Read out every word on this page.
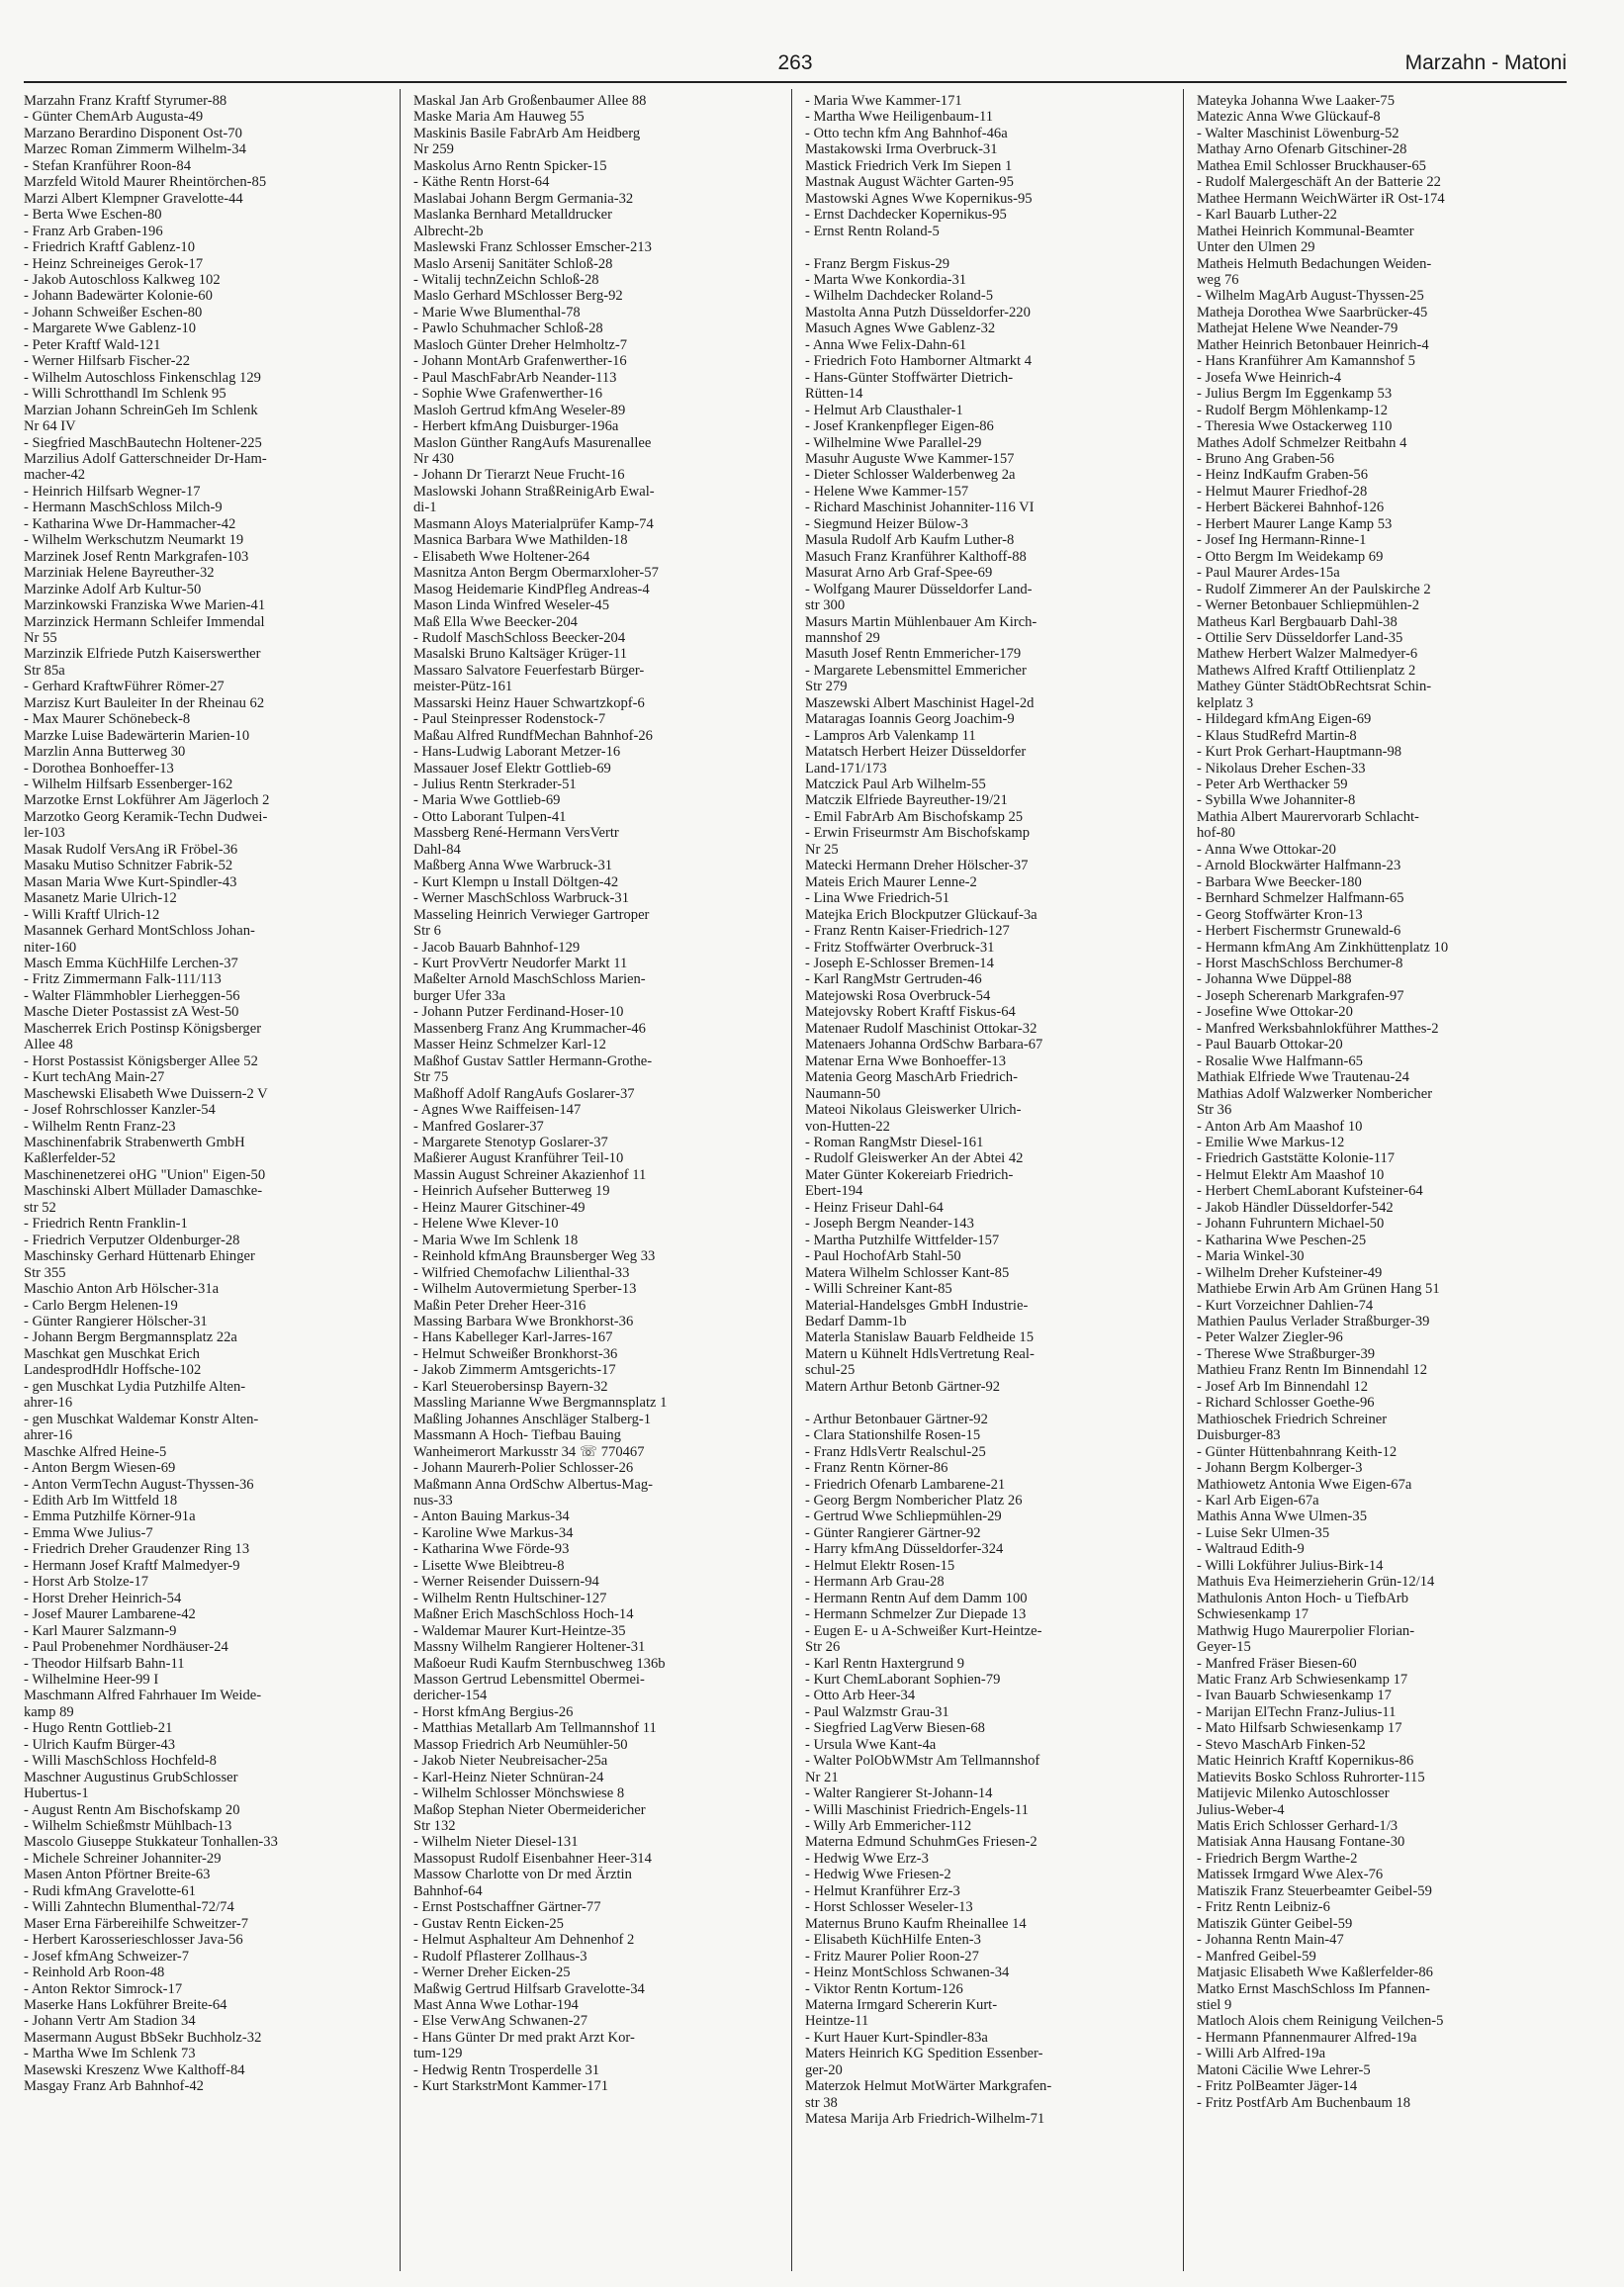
263	Marzahn - Matoni
Marzahn Franz Kraftf Styrumer-88
- Günter ChemArb Augusta-49
Marzano Berardino Disponent Ost-70
Marzec Roman Zimmerm Wilhelm-34
- Stefan Kranführer Roon-84
Marzfeld Witold Maurer Rheintörchen-85
Marzi Albert Klempner Gravelotte-44
- Berta Wwe Eschen-80
- Franz Arb Graben-196
- Friedrich Kraftf Gablenz-10
- Heinz Schreineiges Gerok-17
- Jakob Autoschloss Kalkweg 102
- Johann Badewärter Kolonie-60
- Johann Schweißer Eschen-80
- Margarete Wwe Gablenz-10
- Peter Kraftf Wald-121
- Werner Hilfsarb Fischer-22
- Wilhelm Autoschloss Finkenschlag 129
- Willi Schrotthandl Im Schlenk 95
Marzian Johann SchreinGeh Im Schlenk
Nr 64 IV
- Siegfried MaschBautechn Holtener-225
Marzilius Adolf Gatterschneider Dr-Ham-
macher-42
- Heinrich Hilfsarb Wegner-17
- Hermann MaschSchloss Milch-9
- Katharina Wwe Dr-Hammacher-42
- Wilhelm Werkschutzm Neumarkt 19
Marzinek Josef Rentn Markgrafen-103
Marziniak Helene Bayreuther-32
Marzinke Adolf Arb Kultur-50
Marzinkowski Franziska Wwe Marien-41
Marzinzick Hermann Schleifer Immendal
Nr 55
Marzinzik Elfriede Putzh Kaiserswerther
Str 85a
- Gerhard KraftwFührer Römer-27
Marzisz Kurt Bauleiter In der Rheinau 62
- Max Maurer Schönebeck-8
Marzke Luise Badewärterin Marien-10
Marzlin Anna Butterweg 30
- Dorothea Bonhoeffer-13
- Wilhelm Hilfsarb Essenberger-162
Marzotke Ernst Lokführer Am Jägerloch 2
Marzotko Georg Keramik-Techn Dudwei-
ler-103
Masak Rudolf VersAng iR Fröbel-36
Masaku Mutiso Schnitzer Fabrik-52
Masan Maria Wwe Kurt-Spindler-43
Masanetz Marie Ulrich-12
- Willi Kraftf Ulrich-12
Masannek Gerhard MontSchloss Johan-
niter-160
Masch Emma KüchHilfe Lerchen-37
- Fritz Zimmermann Falk-111/113
- Walter Flämmhobler Lierheggen-56
Masche Dieter Postassist zA West-50
Mascherrek Erich Postinsp Königsberger
Allee 48
- Horst Postassist Königsberger Allee 52
- Kurt techAng Main-27
Maschewski Elisabeth Wwe Duissern-2 V
- Josef Rohrschlosser Kanzler-54
- Wilhelm Rentn Franz-23
Maschinenfabrik Strabenwerth GmbH
Kaßlerfelder-52
Maschinenetzerei oHG "Union" Eigen-50
Maschinski Albert Müllader Damaschke-
str 52
- Friedrich Rentn Franklin-1
- Friedrich Verputzer Oldenburger-28
Maschinsky Gerhard Hüttenarb Ehinger
Str 355
Maschio Anton Arb Hölscher-31a
- Carlo Bergm Helenen-19
- Günter Rangierer Hölscher-31
- Johann Bergm Bergmannsplatz 22a
Maschkat gen Muschkat Erich
LandesprodHdlr Hoffsche-102
- gen Muschkat Lydia Putzhilfe Alten-
ahrer-16
- gen Muschkat Waldemar Konstr Alten-
ahrer-16
Maschke Alfred Heine-5
- Anton Bergm Wiesen-69
- Anton VermTechn August-Thyssen-36
- Edith Arb Im Wittfeld 18
- Emma Putzhilfe Körner-91a
- Emma Wwe Julius-7
- Friedrich Dreher Graudenzer Ring 13
- Hermann Josef Kraftf Malmedyer-9
- Horst Arb Stolze-17
- Horst Dreher Heinrich-54
- Josef Maurer Lambarene-42
- Karl Maurer Salzmann-9
- Paul Probenehmer Nordhäuser-24
- Theodor Hilfsarb Bahn-11
- Wilhelmine Heer-99 I
Maschmann Alfred Fahrhauer Im Weide-
kamp 89
- Hugo Rentn Gottlieb-21
- Ulrich Kaufm Bürger-43
- Willi MaschSchloss Hochfeld-8
Maschner Augustinus GrubSchlosser
Hubertus-1
- August Rentn Am Bischofskamp 20
- Wilhelm Schießmstr Mühlbach-13
Mascolo Giuseppe Stukkateur Tonhallen-33
- Michele Schreiner Johanniter-29
Masen Anton Pförtner Breite-63
- Rudi kfmAng Gravelotte-61
- Willi Zahntechn Blumenthal-72/74
Maser Erna Färbereihilfe Schweitzer-7
- Herbert Karosserieschlosser Java-56
- Josef kfmAng Schweizer-7
- Reinhold Arb Roon-48
- Anton Rektor Simrock-17
Maserke Hans Lokführer Breite-64
- Johann Vertr Am Stadion 34
Masermann August BbSekr Buchholz-32
- Martha Wwe Im Schlenk 73
Masewski Kreszenz Wwe Kalthoff-84
Masgay Franz Arb Bahnhof-42
Maskal Jan Arb Großenbaumer Allee 88
Maske Maria Am Hauweg 55
Maskinis Basile FabrArb Am Heidberg
Nr 259
Maskolus Arno Rentn Spicker-15
- Käthe Rentn Horst-64
Maslabai Johann Bergm Germania-32
Maslanka Bernhard Metalldrucker
Albrecht-2b
Maslewski Franz Schlosser Emscher-213
Maslo Arsenij Sanitäter Schloß-28
- Witalij technZeichn Schloß-28
Maslo Gerhard MSchlosser Berg-92
- Marie Wwe Blumenthal-78
- Pawlo Schuhmacher Schloß-28
Masloch Günter Dreher Helmholtz-7
- Johann MontArb Grafenwerther-16
- Paul MaschFabrArb Neander-113
- Sophie Wwe Grafenwerther-16
Masloh Gertrud kfmAng Weseler-89
- Herbert kfmAng Duisburger-196a
Maslon Günther RangAufs Masurenallee
Nr 430
- Johann Dr Tierarzt Neue Frucht-16
Maslowski Johann StraßReinigArb Ewal-
di-1
Masmann Aloys Materialprüfer Kamp-74
Masnica Barbara Wwe Mathilden-18
- Elisabeth Wwe Holtener-264
Masnitza Anton Bergm Obermarxloher-57
Masog Heidemarie KindPfleg Andreas-4
Mason Linda Winfred Weseler-45
Maß Ella Wwe Beecker-204
- Rudolf MaschSchloss Beecker-204
Masalski Bruno Kaltsäger Krüger-11
Massaro Salvatore Feuerfestarb Bürger-
meister-Pütz-161
Massarski Heinz Hauer Schwartzkopf-6
- Paul Steinpresser Rodenstock-7
Maßau Alfred RundfMechan Bahnhof-26
- Hans-Ludwig Laborant Metzer-16
Massauer Josef Elektr Gottlieb-69
- Julius Rentn Sterkrader-51
- Maria Wwe Gottlieb-69
- Otto Laborant Tulpen-41
Massberg René-Hermann VersVertr
Dahl-84
Maßberg Anna Wwe Warbruck-31
- Kurt Klempn u Install Döltgen-42
- Werner MaschSchloss Warbruck-31
Masseling Heinrich Verwieger Gartroper
Str 6
- Jacob Bauarb Bahnhof-129
- Kurt ProvVertr Neudorfer Markt 11
Maßelter Arnold MaschSchloss Marien-
burger Ufer 33a
- Johann Putzer Ferdinand-Hoser-10
Massenberg Franz Ang Krummacher-46
Masser Heinz Schmelzer Karl-12
Maßhof Gustav Sattler Hermann-Grothe-
Str 75
Maßhoff Adolf RangAufs Goslarer-37
- Agnes Wwe Raiffeisen-147
- Manfred Goslarer-37
- Margarete Stenotyp Goslarer-37
Maßierer August Kranführer Teil-10
Massin August Schreiner Akazienhof 11
- Heinrich Aufseher Butterweg 19
- Heinz Maurer Gitschiner-49
- Helene Wwe Klever-10
- Maria Wwe Im Schlenk 18
- Reinhold kfmAng Braunsberger Weg 33
- Wilfried Chemofachw Lilienthal-33
- Wilhelm Autovermietung Sperber-13
Maßin Peter Dreher Heer-316
Massing Barbara Wwe Bronkhorst-36
- Hans Kabelleger Karl-Jarres-167
- Helmut Schweißer Bronkhorst-36
- Jakob Zimmerm Amtsgerichts-17
- Karl Steuerobersinsp Bayern-32
Massling Marianne Wwe Bergmannsplatz 1
Maßling Johannes Anschläger Stalberg-1
Massmann A Hoch- Tiefbau Bauing
Wanheimerort Markusstr 34 ☏ 770467
- Johann Maurerh-Polier Schlosser-26
Maßmann Anna OrdSchw Albertus-Mag-
nus-33
- Anton Bauing Markus-34
- Karoline Wwe Markus-34
- Katharina Wwe Förde-93
- Lisette Wwe Bleibtreu-8
- Werner Reisender Duissern-94
- Wilhelm Rentn Hultschiner-127
Maßner Erich MaschSchloss Hoch-14
- Waldemar Maurer Kurt-Heintze-35
Massny Wilhelm Rangierer Holtener-31
Maßoeur Rudi Kaufm Sternbuschweg 136b
Masson Gertrud Lebensmittel Obermei-
dericher-154
- Horst kfmAng Bergius-26
- Matthias Metallarb Am Tellmannshof 11
Massop Friedrich Arb Neumühler-50
- Jakob Nieter Neubreisacher-25a
- Karl-Heinz Nieter Schnüran-24
- Wilhelm Schlosser Mönchswiese 8
Maßop Stephan Nieter Obermeidericher
Str 132
- Wilhelm Nieter Diesel-131
Massopust Rudolf Eisenbahner Heer-314
Massow Charlotte von Dr med Ärztin
Bahnhof-64
- Ernst Postschaffner Gärtner-77
- Gustav Rentn Eicken-25
- Helmut Asphalteur Am Dehnenhof 2
- Rudolf Pflasterer Zollhaus-3
- Werner Dreher Eicken-25
Maßwig Gertrud Hilfsarb Gravelotte-34
Mast Anna Wwe Lothar-194
- Else VerwAng Schwanen-27
- Hans Günter Dr med prakt Arzt Kor-
tum-129
- Hedwig Rentn Trosperdelle 31
- Kurt StarkstrMont Kammer-171
- Maria Wwe Kammer-171
- Martha Wwe Heiligenbaum-11
- Otto techn kfm Ang Bahnhof-46a
Mastakowski Irma Overbruck-31
Mastick Friedrich Verk Im Siepen 1
Mastnak August Wächter Garten-95
Mastowski Agnes Wwe Kopernikus-95
- Ernst Dachdecker Kopernikus-95
- Ernst Rentn Roland-5

- Franz Bergm Fiskus-29
- Marta Wwe Konkordia-31
- Wilhelm Dachdecker Roland-5
Mastolta Anna Putzh Düsseldorfer-220
Masuch Agnes Wwe Gablenz-32
- Anna Wwe Felix-Dahn-61
- Friedrich Foto Hamborner Altmarkt 4
- Hans-Günter Stoffwärter Dietrich-
Rütten-14
- Helmut Arb Clausthaler-1
- Josef Krankenpfleger Eigen-86
- Wilhelmine Wwe Parallel-29
Masuhr Auguste Wwe Kammer-157
- Dieter Schlosser Walderbenweg 2a
- Helene Wwe Kammer-157
- Richard Maschinist Johanniter-116 VI
- Siegmund Heizer Bülow-3
Masula Rudolf Arb Kaufm Luther-8
Masuch Franz Kranführer Kalthoff-88
Masurat Arno Arb Graf-Spee-69
- Wolfgang Maurer Düsseldorfer Land-
str 300
Masurs Martin Mühlenbauer Am Kirch-
mannshof 29
Masuth Josef Rentn Emmericher-179
- Margarete Lebensmittel Emmericher
Str 279
Maszewski Albert Maschinist Hagel-2d
Mataragas Ioannis Georg Joachim-9
- Lampros Arb Valenkamp 11
Matatsch Herbert Heizer Düsseldorfer
Land-171/173
Matczick Paul Arb Wilhelm-55
Matczik Elfriede Bayreuther-19/21
- Emil FabrArb Am Bischofskamp 25
- Erwin Friseurmstr Am Bischofskamp
Nr 25
Matecki Hermann Dreher Hölscher-37
Mateis Erich Maurer Lenne-2
- Lina Wwe Friedrich-51
Matejka Erich Blockputzer Glückauf-3a
- Franz Rentn Kaiser-Friedrich-127
- Fritz Stoffwärter Overbruck-31
- Joseph E-Schlosser Bremen-14
- Karl RangMstr Gertruden-46
Matejowski Rosa Overbruck-54
Matejovsky Robert Kraftf Fiskus-64
Matenaer Rudolf Maschinist Ottokar-32
Matenaers Johanna OrdSchw Barbara-67
Matenar Erna Wwe Bonhoeffer-13
Matenia Georg MaschArb Friedrich-
Naumann-50
Mateoi Nikolaus Gleiswerker Ulrich-
von-Hutten-22
- Roman RangMstr Diesel-161
- Rudolf Gleiswerker An der Abtei 42
Mater Günter Kokereiarb Friedrich-
Ebert-194
- Heinz Friseur Dahl-64
- Joseph Bergm Neander-143
- Martha Putzhilfe Wittfelder-157
- Paul HochofArb Stahl-50
Matera Wilhelm Schlosser Kant-85
- Willi Schreiner Kant-85
Material-Handelsges GmbH Industrie-
Bedarf Damm-1b
Materla Stanislaw Bauarb Feldheide 15
Matern u Kühnelt HdlsVertretung Real-
schul-25
Matern Arthur Betonb Gärtner-92

- Arthur Betonbauer Gärtner-92
- Clara Stationshilfe Rosen-15
- Franz HdlsVertr Realschul-25
- Franz Rentn Körner-86
- Friedrich Ofenarb Lambarene-21
- Georg Bergm Nombericher Platz 26
- Gertrud Wwe Schliepmühlen-29
- Günter Rangierer Gärtner-92
- Harry kfmAng Düsseldorfer-324
- Helmut Elektr Rosen-15
- Hermann Arb Grau-28
- Hermann Rentn Auf dem Damm 100
- Hermann Schmelzer Zur Diepade 13
- Eugen E- u A-Schweißer Kurt-Heintze-
Str 26
- Karl Rentn Haxtergrund 9
- Kurt ChemLaborant Sophien-79
- Otto Arb Heer-34
- Paul Walzmstr Grau-31
- Siegfried LagVerw Biesen-68
- Ursula Wwe Kant-4a
- Walter PolObWMstr Am Tellmannshof
Nr 21
- Walter Rangierer St-Johann-14
- Willi Maschinist Friedrich-Engels-11
- Willy Arb Emmericher-112
Materna Edmund SchuhmGes Friesen-2
- Hedwig Wwe Erz-3
- Hedwig Wwe Friesen-2
- Helmut Kranführer Erz-3
- Horst Schlosser Weseler-13
Maternus Bruno Kaufm Rheinallee 14
- Elisabeth KüchHilfe Enten-3
- Fritz Maurer Polier Roon-27
- Heinz MontSchloss Schwanen-34
- Viktor Rentn Kortum-126
Materna Irmgard Schererin Kurt-
Heintze-11
- Kurt Hauer Kurt-Spindler-83a
Maters Heinrich KG Spedition Essenber-
ger-20
Materzok Helmut MotWärter Markgrafen-
str 38
Matesa Marija Arb Friedrich-Wilhelm-71
Mateyka Johanna Wwe Laaker-75
Matezic Anna Wwe Glückauf-8
- Walter Maschinist Löwenburg-52
Mathay Arno Ofenarb Gitschiner-28
Mathea Emil Schlosser Bruckhauser-65
- Rudolf Malergeschäft An der Batterie 22
Mathee Hermann WeichWärter iR Ost-174
- Karl Bauarb Luther-22
Mathei Heinrich Kommunal-Beamter
Unter den Ulmen 29
Matheis Helmuth Bedachungen Weiden-
weg 76
- Wilhelm MagArb August-Thyssen-25
Matheja Dorothea Wwe Saarbrücker-45
Mathejat Helene Wwe Neander-79
Mather Heinrich Betonbauer Heinrich-4
- Hans Kranführer Am Kamannshof 5
- Josefa Wwe Heinrich-4
- Julius Bergm Im Eggenkamp 53
- Rudolf Bergm Möhlenkamp-12
- Theresia Wwe Ostackerweg 110
Mathes Adolf Schmelzer Reitbahn 4
- Bruno Ang Graben-56
- Heinz IndKaufm Graben-56
- Helmut Maurer Friedhof-28
- Herbert Bäckerei Bahnhof-126
- Herbert Maurer Lange Kamp 53
- Josef Ing Hermann-Rinne-1
- Otto Bergm Im Weidekamp 69
- Paul Maurer Ardes-15a
- Rudolf Zimmerer An der Paulskirche 2
- Werner Betonbauer Schliepmühlen-2
Matheus Karl Bergbauarb Dahl-38
- Ottilie Serv Düsseldorfer Land-35
Mathew Herbert Walzer Malmedyer-6
Mathews Alfred Kraftf Ottilienplatz 2
Mathey Günter StädtObRechtsrat Schin-
kelplatz 3
- Hildegard kfmAng Eigen-69
- Klaus StudRefrd Martin-8
- Kurt Prok Gerhart-Hauptmann-98
- Nikolaus Dreher Eschen-33
- Peter Arb Werthacker 59
- Sybilla Wwe Johanniter-8
Mathia Albert Maurervorarb Schlacht-
hof-80
- Anna Wwe Ottokar-20
- Arnold Blockwärter Halfmann-23
- Barbara Wwe Beecker-180
- Bernhard Schmelzer Halfmann-65
- Georg Stoffwärter Kron-13
- Herbert Fischermstr Grunewald-6
- Hermann kfmAng Am Zinkhüttenplatz 10
- Horst MaschSchloss Berchumer-8
- Johanna Wwe Düppel-88
- Joseph Scherenarb Markgrafen-97
- Josefine Wwe Ottokar-20
- Manfred Werksbahnlokführer Matthes-2
- Paul Bauarb Ottokar-20
- Rosalie Wwe Halfmann-65
Mathiak Elfriede Wwe Trautenau-24
Mathias Adolf Walzwerker Nombericher
Str 36
- Anton Arb Am Maashof 10
- Emilie Wwe Markus-12
- Friedrich Gaststätte Kolonie-117
- Helmut Elektr Am Maashof 10
- Herbert ChemLaborant Kufsteiner-64
- Jakob Händler Düsseldorfer-542
- Johann Fuhruntern Michael-50
- Katharina Wwe Peschen-25
- Maria Winkel-30
- Wilhelm Dreher Kufsteiner-49
Mathiebe Erwin Arb Am Grünen Hang 51
- Kurt Vorzeichner Dahlien-74
Mathien Paulus Verlader Straßburger-39
- Peter Walzer Ziegler-96
- Therese Wwe Straßburger-39
Mathieu Franz Rentn Im Binnendahl 12
- Josef Arb Im Binnendahl 12
- Richard Schlosser Goethe-96
Mathioschek Friedrich Schreiner
Duisburger-83
- Günter Hüttenbahnrang Keith-12
- Johann Bergm Kolberger-3
Mathiowetz Antonia Wwe Eigen-67a
- Karl Arb Eigen-67a
Mathis Anna Wwe Ulmen-35
- Luise Sekr Ulmen-35
- Waltraud Edith-9
- Willi Lokführer Julius-Birk-14
Mathuis Eva Heimerzieherin Grün-12/14
Mathulonis Anton Hoch- u TiefbArb
Schwiesenkamp 17
Mathwig Hugo Maurerpolier Florian-
Geyer-15
- Manfred Fräser Biesen-60
Matic Franz Arb Schwiesenkamp 17
- Ivan Bauarb Schwiesenkamp 17
- Marijan ElTechn Franz-Julius-11
- Mato Hilfsarb Schwiesenkamp 17
- Stevo MaschArb Finken-52
Matic Heinrich Kraftf Kopernikus-86
Matievits Bosko Schloss Ruhrorter-115
Matijevic Milenko Autoschlosser
Julius-Weber-4
Matis Erich Schlosser Gerhard-1/3
Matisiak Anna Hausang Fontane-30
- Friedrich Bergm Warthe-2
Matissek Irmgard Wwe Alex-76
Matiszik Franz Steuerbeamter Geibel-59
- Fritz Rentn Leibniz-6
Matiszik Günter Geibel-59
- Johanna Rentn Main-47
- Manfred Geibel-59
Matjasic Elisabeth Wwe Kaßlerfelder-86
Matko Ernst MaschSchloss Im Pfannen-
stiel 9
Matloch Alois chem Reinigung Veilchen-5
- Hermann Pfannenmaurer Alfred-19a
- Willi Arb Alfred-19a
Matoni Cäcilie Wwe Lehrer-5
- Fritz PolBeamter Jäger-14
- Fritz PostfArb Am Buchenbaum 18
